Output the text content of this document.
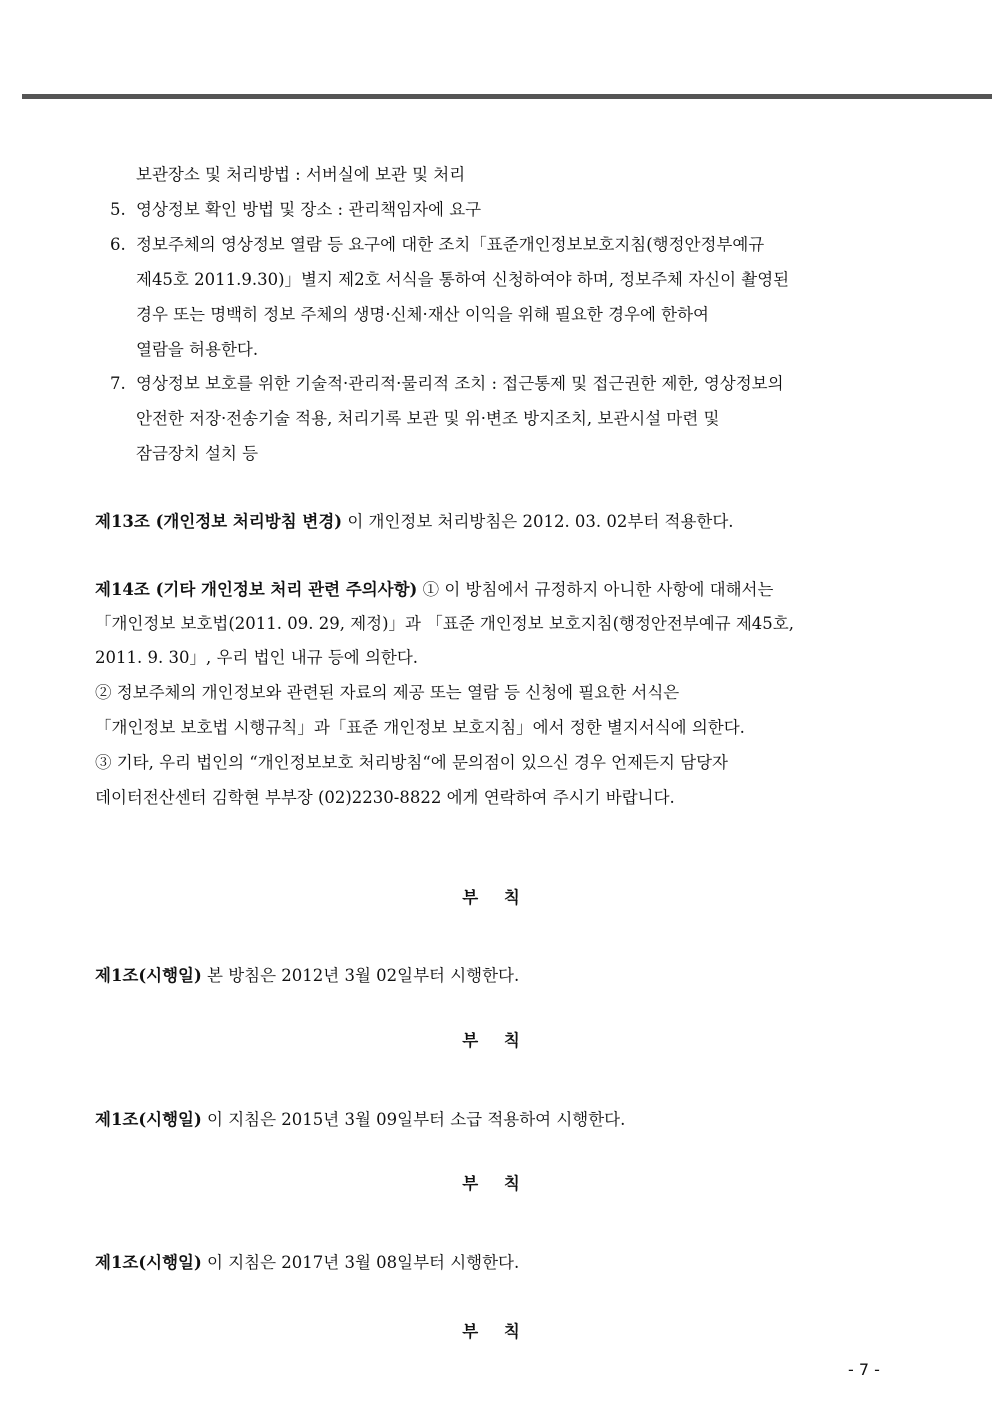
보관장소 및 처리방법 : 서버실에 보관 및 처리
5. 영상정보 확인 방법 및 장소 : 관리책임자에 요구
6. 정보주체의 영상정보 열람 등 요구에 대한 조치「표준개인정보보호지침(행정안정부예규
제45호 2011.9.30)」별지 제2호 서식을 통하여 신청하여야 하며, 정보주체 자신이 촬영된
경우 또는 명백히 정보 주체의 생명·신체·재산 이익을 위해 필요한 경우에 한하여
열람을 허용한다.
7. 영상정보 보호를 위한 기술적·관리적·물리적 조치 : 접근통제 및 접근권한 제한, 영상정보의
안전한 저장·전송기술 적용, 처리기록 보관 및 위·변조 방지조치, 보관시설 마련 및
잠금장치 설치 등
제13조 (개인정보 처리방침 변경) 이 개인정보 처리방침은 2012. 03. 02부터 적용한다.
제14조 (기타 개인정보 처리 관련 주의사항) ① 이 방침에서 규정하지 아니한 사항에 대해서는
「개인정보 보호법(2011. 09. 29, 제정)」과 「표준 개인정보 보호지침(행정안전부예규 제45호,
2011. 9. 30」, 우리 법인 내규 등에 의한다.
② 정보주체의 개인정보와 관련된 자료의 제공 또는 열람 등 신청에 필요한 서식은
「개인정보 보호법 시행규칙」과「표준 개인정보 보호지침」에서 정한 별지서식에 의한다.
③ 기타, 우리 법인의 “개인정보보호 처리방침“에 문의점이 있으신 경우 언제든지 담당자
데이터전산센터 김학현 부부장 (02)2230-8822 에게 연락하여 주시기 바랍니다.
부 칙
제1조(시행일) 본 방침은 2012년 3월 02일부터 시행한다.
부 칙
제1조(시행일) 이 지침은 2015년 3월 09일부터 소급 적용하여 시행한다.
부 칙
제1조(시행일) 이 지침은 2017년 3월 08일부터 시행한다.
부 칙
- 7 -
